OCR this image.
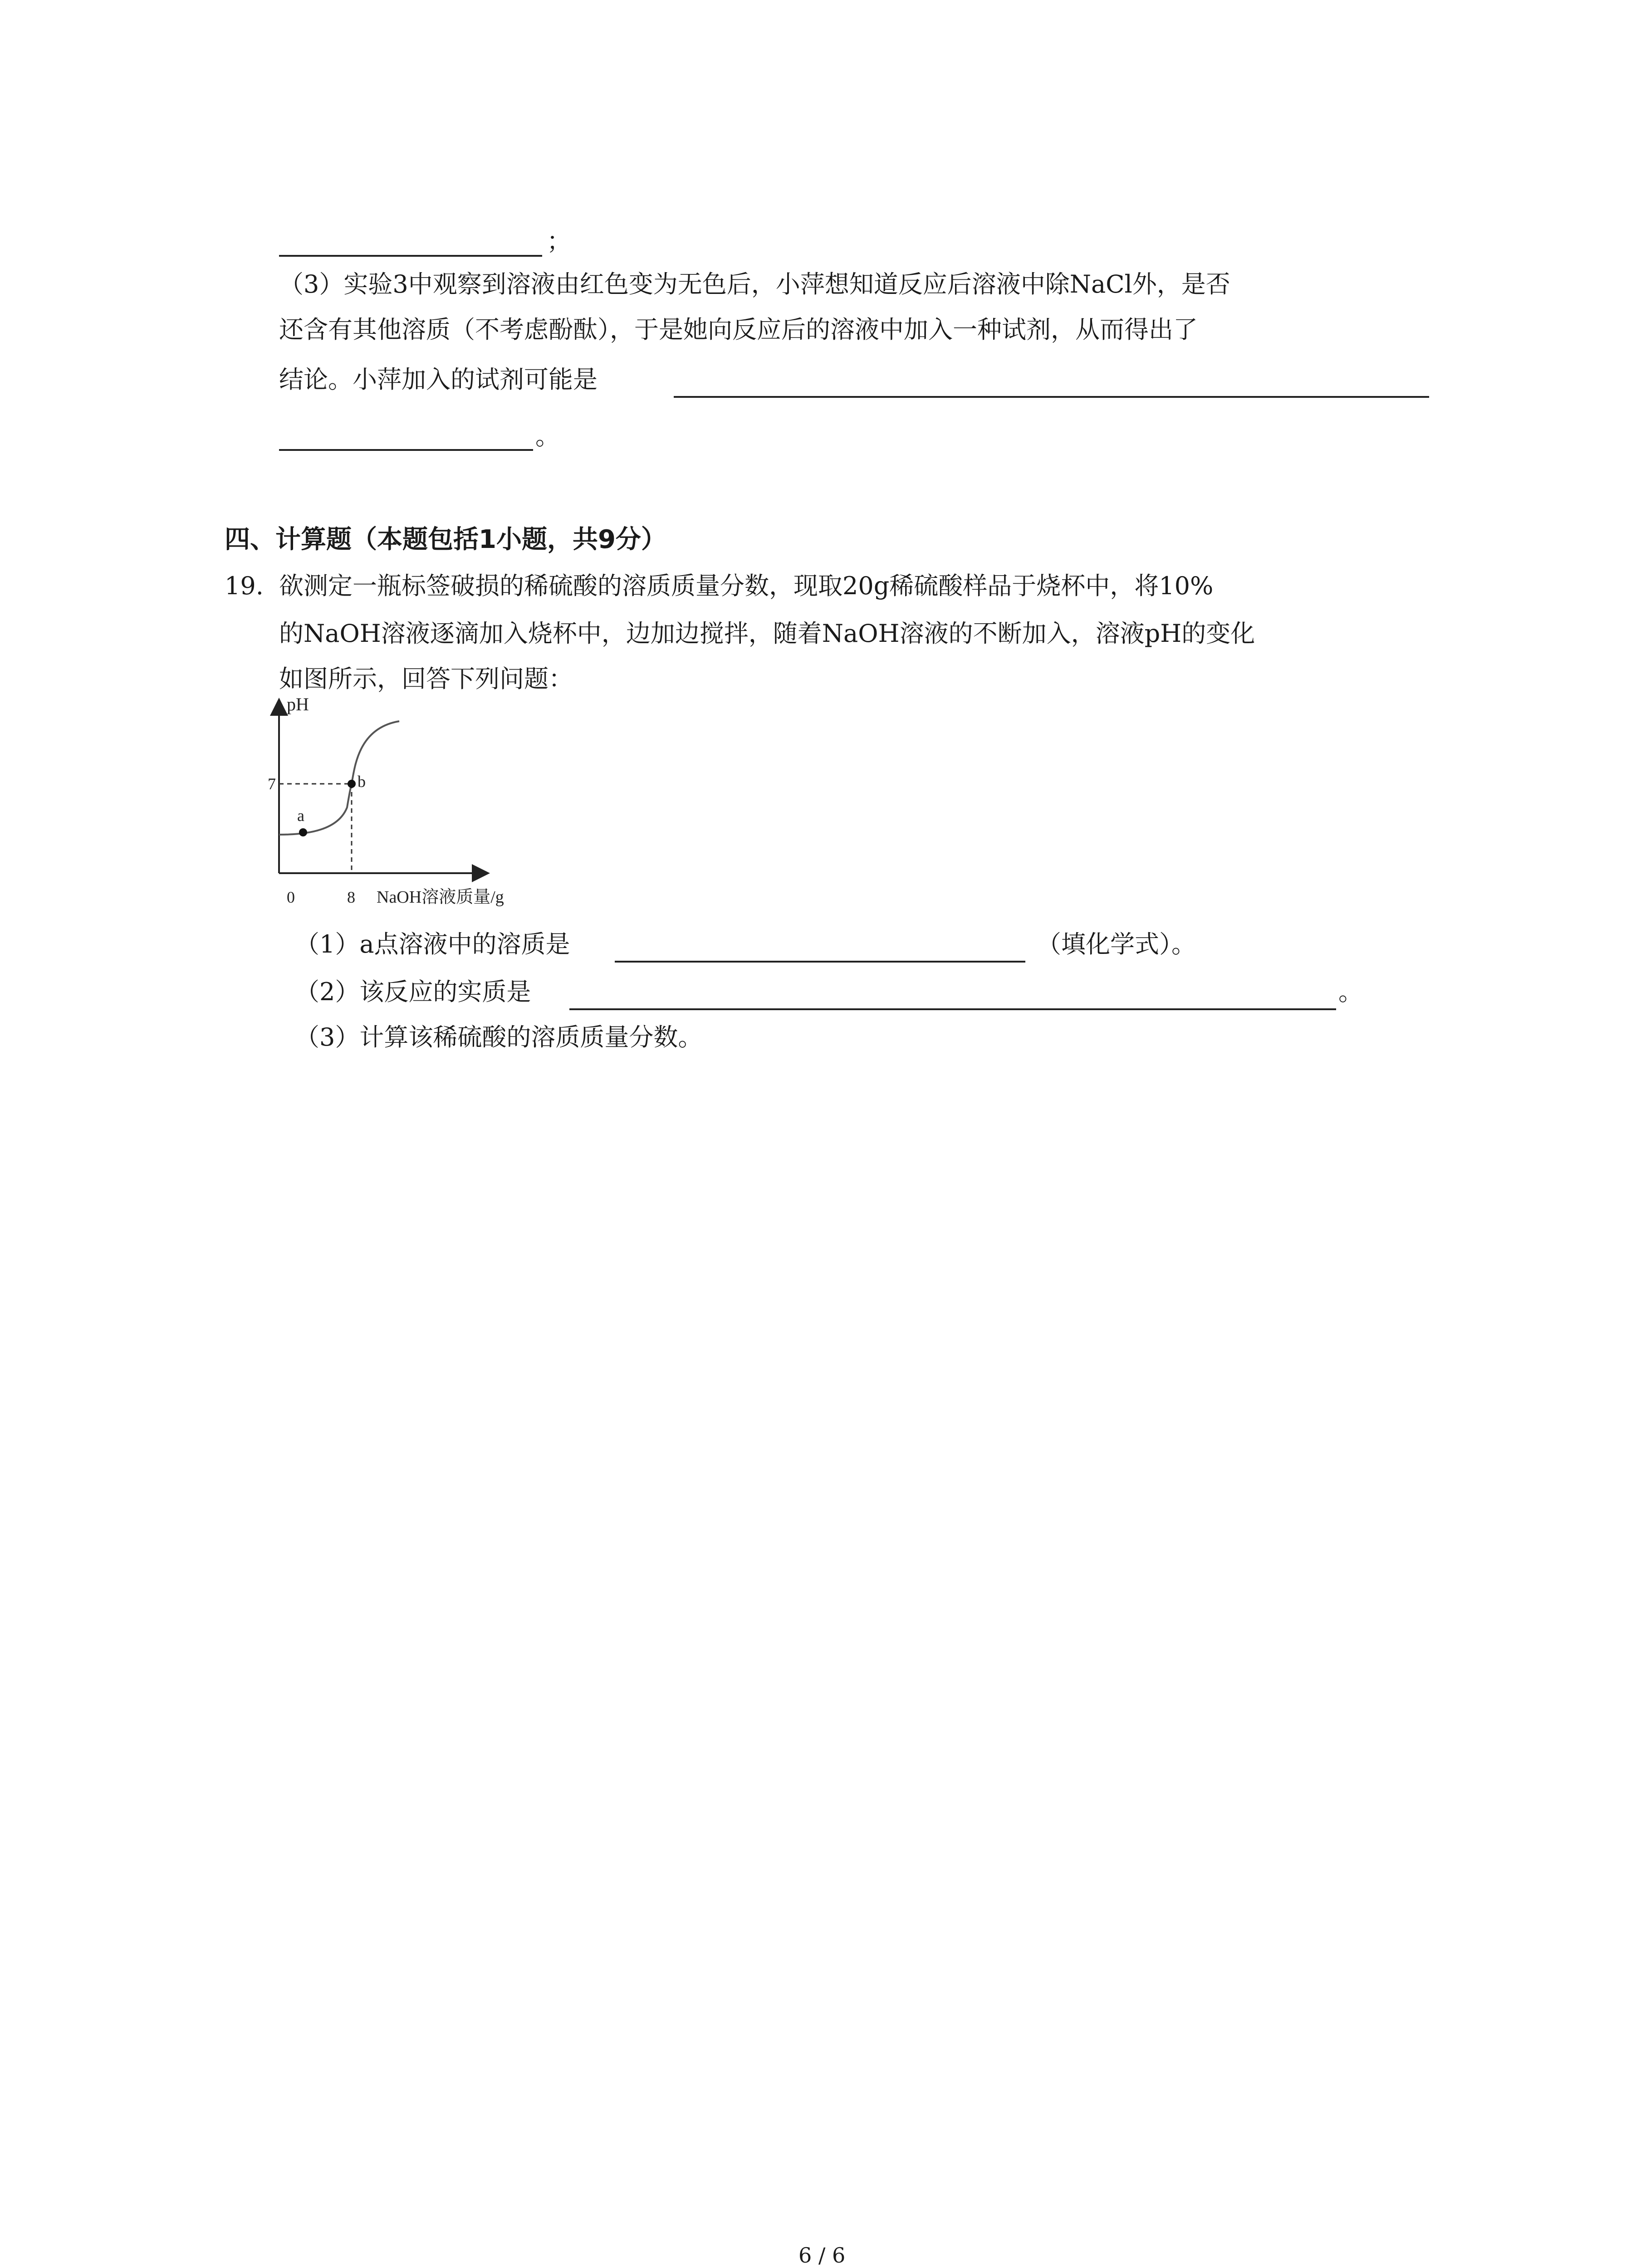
；
（3）实验3中观察到溶液由红色变为无色后，小萍想知道反应后溶液中除NaCl外，是否
还含有其他溶质（不考虑酚酞），于是她向反应后的溶液中加入一种试剂，从而得出了
结论。小萍加入的试剂可能是
。
四、计算题（本题包括1小题，共9分）
19. 欲测定一瓶标签破损的稀硫酸的溶质质量分数，现取20g稀硫酸样品于烧杯中，将10%
的NaOH溶液逐滴加入烧杯中，边加边搅拌，随着NaOH溶液的不断加入，溶液pH的变化
如图所示，回答下列问题：
pH
NaOH溶液质量/g
0	8
7
a
b
（1）a点溶液中的溶质是	（填化学式）。
（2）该反应的实质是	。
（3）计算该稀硫酸的溶质质量分数。
6 / 6
